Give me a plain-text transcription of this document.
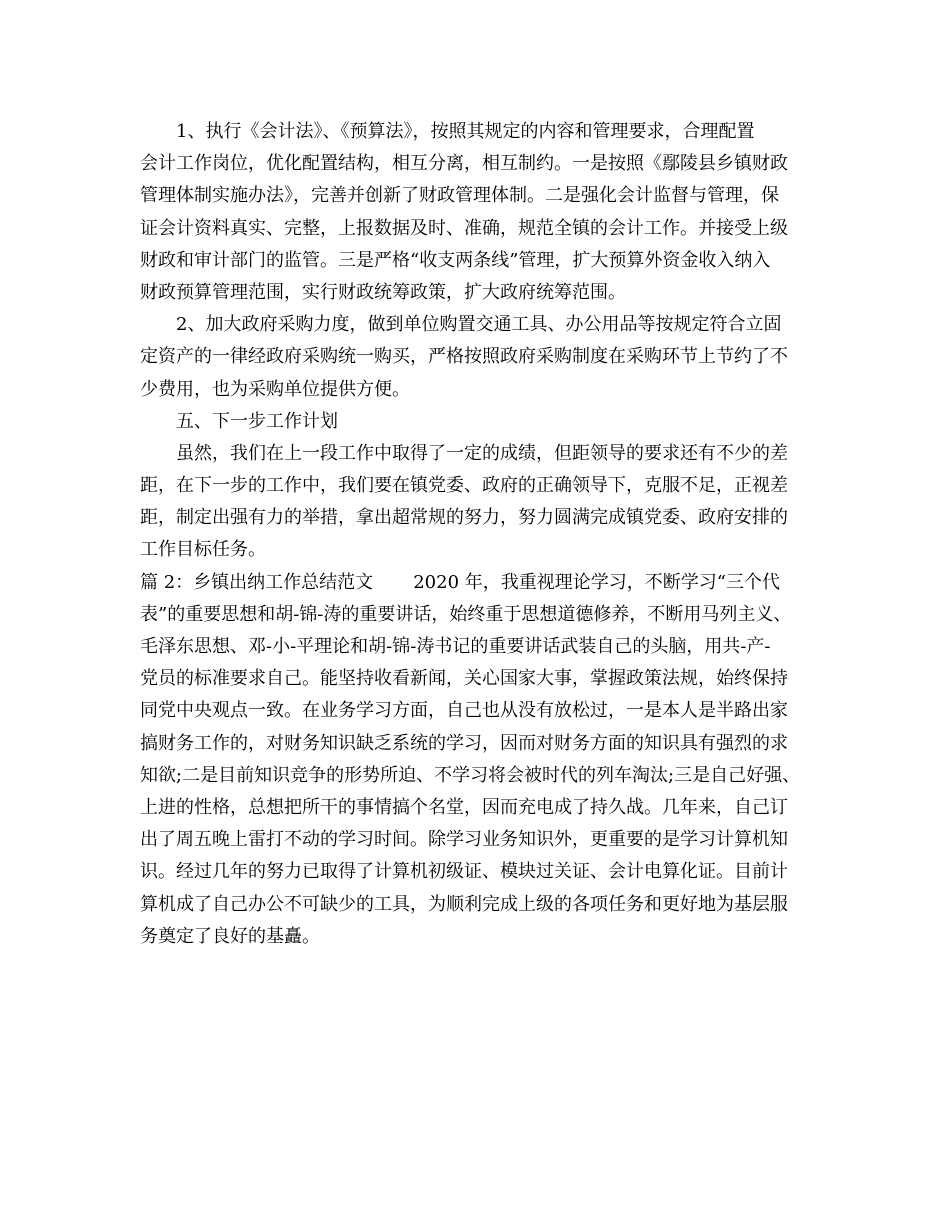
1、执行《会计法》、《预算法》，按照其规定的内容和管理要求，合理配置
会计工作岗位，优化配置结构，相互分离，相互制约。一是按照《鄢陵县乡镇财政
管理体制实施办法》，完善并创新了财政管理体制。二是强化会计监督与管理，保
证会计资料真实、完整，上报数据及时、准确，规范全镇的会计工作。并接受上级
财政和审计部门的监管。三是严格“收支两条线”管理，扩大预算外资金收入纳入
财政预算管理范围，实行财政统筹政策，扩大政府统筹范围。
2、加大政府采购力度，做到单位购置交通工具、办公用品等按规定符合立固
定资产的一律经政府采购统一购买，严格按照政府采购制度在采购环节上节约了不
少费用，也为采购单位提供方便。
五、下一步工作计划
虽然，我们在上一段工作中取得了一定的成绩，但距领导的要求还有不少的差
距，在下一步的工作中，我们要在镇党委、政府的正确领导下，克服不足，正视差
距，制定出强有力的举措，拿出超常规的努力，努力圆满完成镇党委、政府安排的
工作目标任务。
篇 2：乡镇出纳工作总结范文       2020 年，我重视理论学习，不断学习“三个代
表”的重要思想和胡-锦-涛的重要讲话，始终重于思想道德修养，不断用马列主义、
毛泽东思想、邓-小-平理论和胡-锦-涛书记的重要讲话武装自己的头脑，用共-产-
党员的标准要求自己。能坚持收看新闻，关心国家大事，掌握政策法规，始终保持
同党中央观点一致。在业务学习方面，自己也从没有放松过，一是本人是半路出家
搞财务工作的，对财务知识缺乏系统的学习，因而对财务方面的知识具有强烈的求
知欲;二是目前知识竞争的形势所迫、不学习将会被时代的列车淘汰;三是自己好强、
上进的性格，总想把所干的事情搞个名堂，因而充电成了持久战。几年来，自己订
出了周五晚上雷打不动的学习时间。除学习业务知识外，更重要的是学习计算机知
识。经过几年的努力已取得了计算机初级证、模块过关证、会计电算化证。目前计
算机成了自己办公不可缺少的工具，为顺利完成上级的各项任务和更好地为基层服
务奠定了良好的基矗。
